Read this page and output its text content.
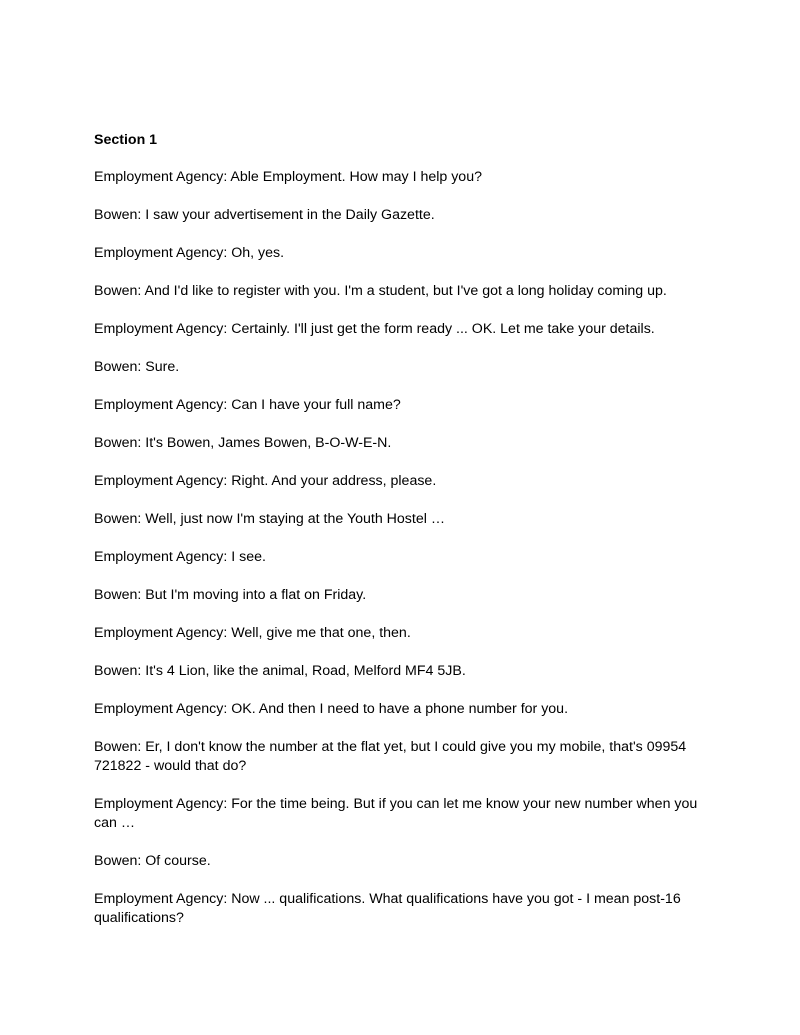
Section 1

Employment Agency: Able Employment. How may I help you?

Bowen: I saw your advertisement in the Daily Gazette.

Employment Agency: Oh, yes.

Bowen: And I'd like to register with you. I'm a student, but I've got a long holiday coming up.

Employment Agency: Certainly. I'll just get the form ready ... OK. Let me take your details.

Bowen: Sure.

Employment Agency: Can I have your full name?

Bowen: It's Bowen, James Bowen, B-O-W-E-N.

Employment Agency: Right. And your address, please.

Bowen: Well, just now I'm staying at the Youth Hostel …

Employment Agency: I see.

Bowen: But I'm moving into a flat on Friday.

Employment Agency: Well, give me that one, then.

Bowen: It's 4 Lion, like the animal, Road, Melford MF4 5JB.

Employment Agency: OK. And then I need to have a phone number for you.

Bowen: Er, I don't know the number at the flat yet, but I could give you my mobile, that's 09954 721822 - would that do?

Employment Agency: For the time being. But if you can let me know your new number when you can …

Bowen: Of course.

Employment Agency: Now ... qualifications. What qualifications have you got - I mean post-16 qualifications?
